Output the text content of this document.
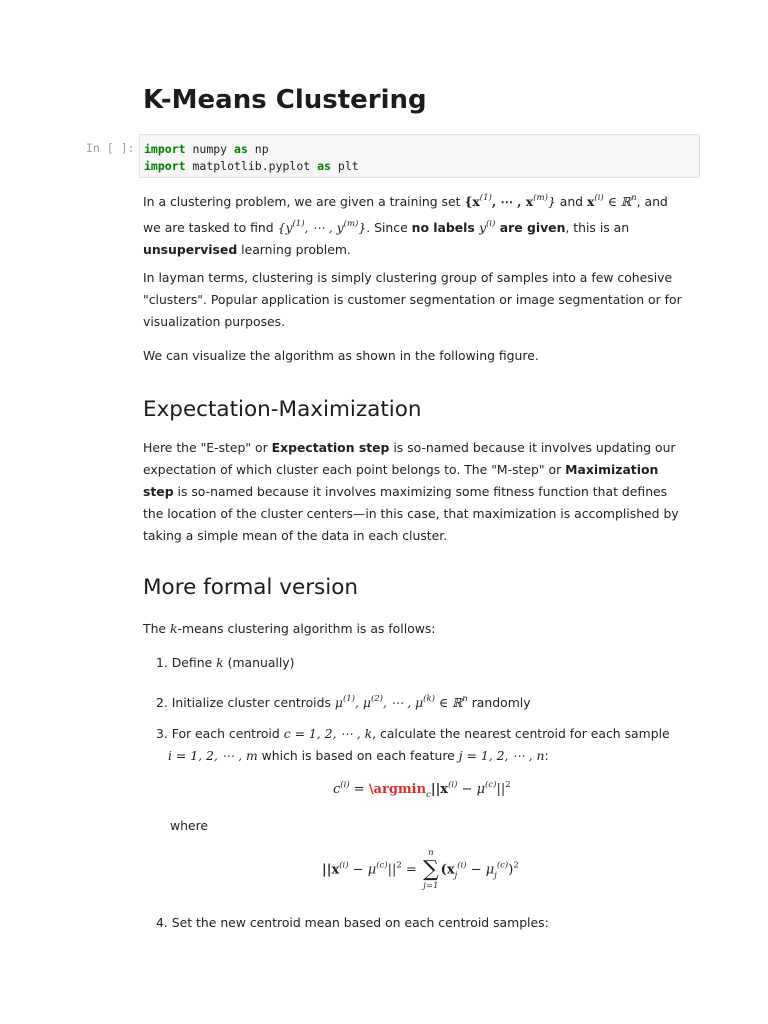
K-Means Clustering
In [ ]: import numpy as np
import matplotlib.pyplot as plt

In a clustering problem, we are given a training set {$x^{(1)}$, ⋯ , $x^{(m)}$} and $x^{(i)}$ ∈ ℝ$^n$, and we are tasked to find {$y^{(1)}$, ⋯ , $y^{(m)}$}. Since no labels $y^{(i)}$ are given, this is an unsupervised learning problem.

In layman terms, clustering is simply clustering group of samples into a few cohesive "clusters". Popular application is customer segmentation or image segmentation or for visualization purposes.

We can visualize the algorithm as shown in the following figure.

Expectation-Maximization

Here the "E-step" or Expectation step is so-named because it involves updating our expectation of which cluster each point belongs to. The "M-step" or Maximization step is so-named because it involves maximizing some fitness function that defines the location of the cluster centers—in this case, that maximization is accomplished by taking a simple mean of the data in each cluster.

More formal version

The k-means clustering algorithm is as follows:

1. Define k (manually)

2. Initialize cluster centroids $\mu^{(1)}$, $\mu^{(2)}$, ⋯ , $\mu^{(k)}$ ∈ ℝ$^n$ randomly

3. For each centroid c = 1, 2, ⋯ , k, calculate the nearest centroid for each sample
i = 1, 2, ⋯ , m which is based on each feature j = 1, 2, ⋯ , n:

$c^{(i)}$ = $\backslash argmin_c||x^{(i)} - \mu^{(c)}||^2$

where

$||x^{(i)} - \mu^{(c)}||^2$ =
n
∑
j=1
$(x_j^{(i)} - \mu_j^{(c)})^2$

4. Set the new centroid mean based on each centroid samples:
